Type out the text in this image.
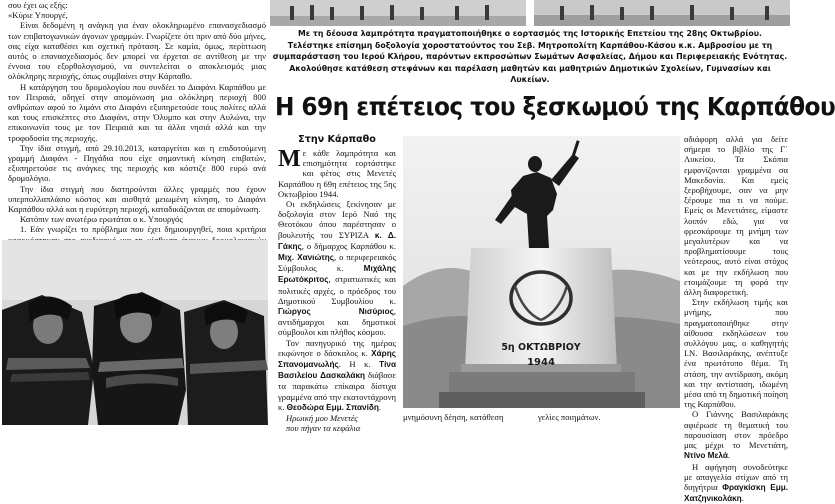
σου έχει ως εξής:

«Κύριε Υπουργέ,

Είναι δεδομένη η ανάγκη για έναν ολοκληρωμένο επανασχεδιασμό των επιβατογωνικών άγονων γραμμών. Γνωρίζετε ότι πριν από δύο μήνες, σας είχα καταθέσει και σχετική πρόταση. Σε καμία, όμως, περίπτωση αυτός ο επανασχεδιασμός δεν μπορεί να έρχεται σε αντίθεση με την έννοια του εξορθολογισμού, να συντελείται ο αποκλεισμός μιας ολόκληρης περιοχής, όπως συμβαίνει στην Κάρπαθο.

Η κατάργηση του δρομολογίου που συνδέει το Διαφάνι Καρπάθου με τον Πειραιά, οδηγεί στην απομόνωση μια ολόκληρη περιοχή 800 ανθρώπων αφού το λιμάνι στο Διαφάνι εξυπηρετούσε τους πολίτες αλλά και τους επισκέπτες στο Διαφάνι, στην Όλυμπο και στην Αυλώνα, την επικοινωνία τους με τον Πειραιά και τα άλλα νησιά αλλά και την τροφοδοσία της περιοχής.

Την ίδια στιγμή, από 29.10.2013, καταργείται και η επιδοτούμενη γραμμή Διαφάνι - Πηγάδια που είχε σημαντική κίνηση επιβατών, εξυπηρετούσε τις ανάγκες της περιοχής και κόστιζε 800 ευρώ ανά δρομολόγιο.

Την ίδια στιγμή που διατηρούνται άλλες γραμμές που έχουν υπερπολλαπλάσιο κόστος και αισθητά μειωμένη κίνηση, το Διαφάνι Καρπάθου αλλά και η ευρύτερη περιοχή, καταδικάζονται σε απομόνωση.

Κατόπιν των ανωτέρω ερωτάται ο κ. Υπουργός

1. Εάν γνωρίζει το πρόβλημα που έχει δημιουργηθεί, ποια κριτήρια

Με τη δέουσα λαμπρότητα πραγματοποιήθηκε ο εορτασμός της Ιστορικής Επετείου της 28ης Οκτωβρίου.
Τελέστηκε επίσημη δοξολογία χοροστατούντος του Σεβ. Μητροπολίτη Καρπάθου-Κάσου κ.κ. Αμβροσίου με τη συμπαράσταση του Ιερού Κλήρου, παρόντων εκπροσώπων Σωμάτων Ασφαλείας, Δήμου και Περιφερειακής Ενότητας.
Ακολούθησε κατάθεση στεφάνων και παρέλαση μαθητών και μαθητριών Δημοτικών Σχολείων, Γυμνασίων και Λυκείων.
Η 69η επέτειος του ξεσκωμού της Καρπάθου
Στην Κάρπαθο

Με κάθε λαμπρότητα και επισημότητα εορτάστηκε και φέτος στις Μενετές Καρπάθου η 69η επέτειος της 5ης Οκτωβρίου 1944.

Οι εκδηλώσεις ξεκίνησαν με δοξολογία στον Ιερό Ναό της Θεοτόκου όπου παρέστησαν ο βουλευτής του ΣΥΡΙΖΑ κ. Δ. Γάκης, ο δήμαρχος Καρπάθου κ. Μιχ. Χανιώτης, ο περιφερειακός Σύμβουλος κ. Μιχάλης Ερωτόκριτος, στρατιωτικές και πολιτικές αρχές, ο πρόεδρος του Δημοτικού Συμβουλίου κ. Γιώργος Νισύριος, αντιδήμαρχοι και δημοτικοί σύμβουλοι και πλήθος κόσμου.

Τον πανηγυρικό της ημέρας εκφώνησε ο δάσκαλος κ. Χάρης Σπανομανωλής. Η κ. Τίνα Βασιλείου Δασκαλάκη διάβασε τα παρακάτω επίκαιρα δίστιχα γραμμένα από την εκατοντάχρονη κ. Θεοδώρα Εμμ. Σπανίδη.

Ηρωική μου Μενετές

που πήγαν τα κεφάλια

5η ΟΚΤΩΒΡΙΟΥ
1944
μνημόσυνη δέηση, κατάθεση	γελίες ποιημάτων.

αδιάφορη αλλά για δείτε σήμερα το βιβλίο της Γ΄ Λυκείου. Τα Σκόπια εμφανίζονται γραμμένα σα Μακεδονία. Και εμείς ξεροβήχουμε, σαν να μην ξέρουμε πια τι να πούμε. Εμείς οι Μενετιάτες, είμαστε λοιπόν εδώ, για να φρεσκάρουμε τη μνήμη των μεγαλυτέρων και να προβληματίσουμε τους νεότερους, αυτό είναι στόχος και με την εκδήλωση που ετοιμάζουμε τη φορά την άλλη διαφορετική.

Στην εκδήλωση τιμής και μνήμης, που πραγματοποιήθηκε στην αίθουσα εκδηλώσεων του συλλόγου μας, ο καθηγητής Ι.Ν. Βασιλαράκης, ανέπτυξε ένα πρωτότυπο θέμα. Τη στάση, την αντίδραση, ακόμη και την αντίσταση, ιδωμένη μέσα από τη δημοτική ποίηση της Καρπάθου.

Ο Γιάννης Βασιλαράκης αφιέρωσε τη θεματική του παρουσίαση στον πρόεδρο μας μέχρι το Μενετιάτη, Ντίνο Μελά.

Η αφήγηση συνοδεύτηκε με απαγγελία στίχων από τη διηγήτρια Φραγκίσκη Εμμ. Χατζηνικολάκη.
